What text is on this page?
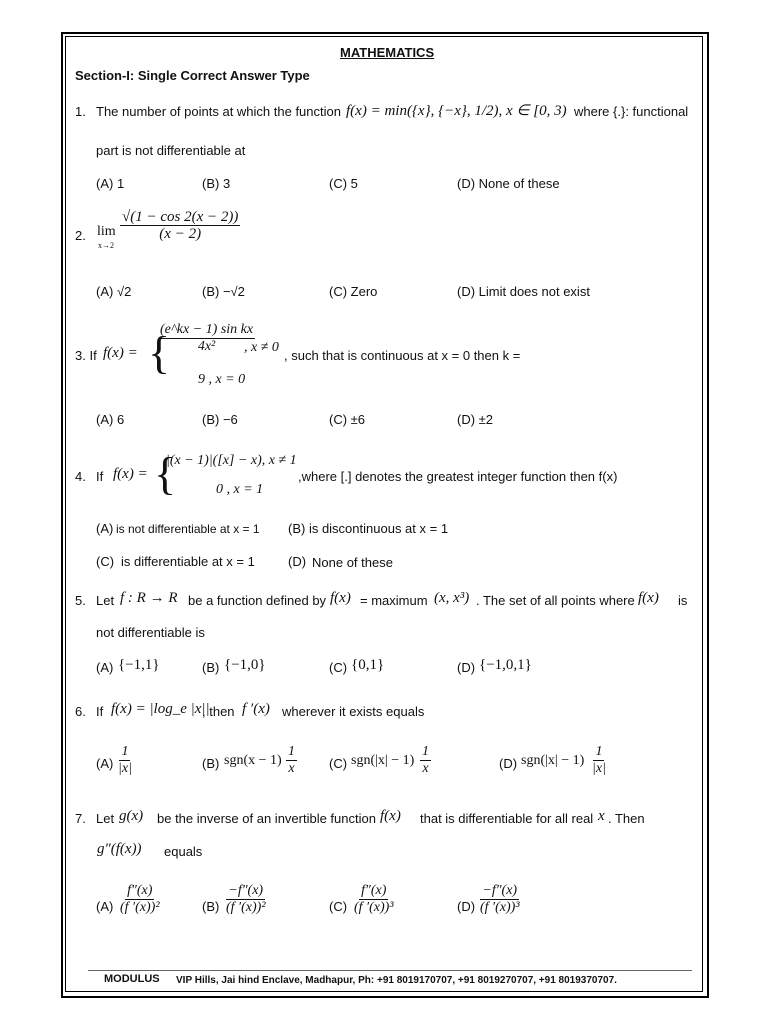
MATHEMATICS
Section-I: Single Correct Answer Type
1. The number of points at which the function f(x) = min({x}, {−x}, 1/2), x ∈ [0, 3) where {.}: functional
part is not differentiable at
(A) 1	(B) 3	(C) 5	(D) None of these
2. lim
x→2
$\frac{√(1 - \cos 2(x - 2))}{(x - 2)}$
(A) √2	(B) −√2	(C) Zero	(D) Limit does not exist
3. If f(x) = {
$\frac{\text{(e\textasciicircum{}kx − 1) sin kx}}{\text{4x²}}$
, x ≠ 0
9 , x = 0
, such that is continuous at x = 0 then k =
(A) 6	(B) −6	(C) ±6	(D) ±2
4. If f(x) = {
|(x − 1)|([x] − x), x ≠ 1
0 , x = 1
,where [.] denotes the greatest integer function then f(x)
(A) is not differentiable at x = 1 (B) is discontinuous at x = 1
(C) is differentiable at x = 1	(D) None of these
5. Let f : R → R be a function defined by f(x) = maximum (x, x³) . The set of all points where f(x) is
not differentiable is
(A) {−1,1}	(B) {−1,0}	(C) {0,1}	(D) {−1,0,1}
6. If f(x) = |log_e |x||
, then f ′(x) wherever it exists equals
$(A) \frac{1}{|x|}$	(B) $sgn(x - 1) \frac{1}{x} (C) sgn(|x| - 1) \frac{1}{x}$	(D) $sgn(|x| - 1) \frac{1}{|x|}$
7. Let g(x) be the inverse of an invertible function f(x) that is differentiable for all real x . Then
g″(f(x)) equals
$(A) \frac{f''(x)}{\text{(f ′(x))²}}$	$(B) \frac{-f''(x)}{\text{(f ′(x))²}}$	$(C) \frac{f''(x)}{\text{(f ′(x))³}}$	$(D) \frac{-f''(x)}{\text{(f ′(x))³}}$
MODULUS VIP Hills, Jai hind Enclave, Madhapur, Ph: +91 8019170707, +91 8019270707, +91 8019370707.
